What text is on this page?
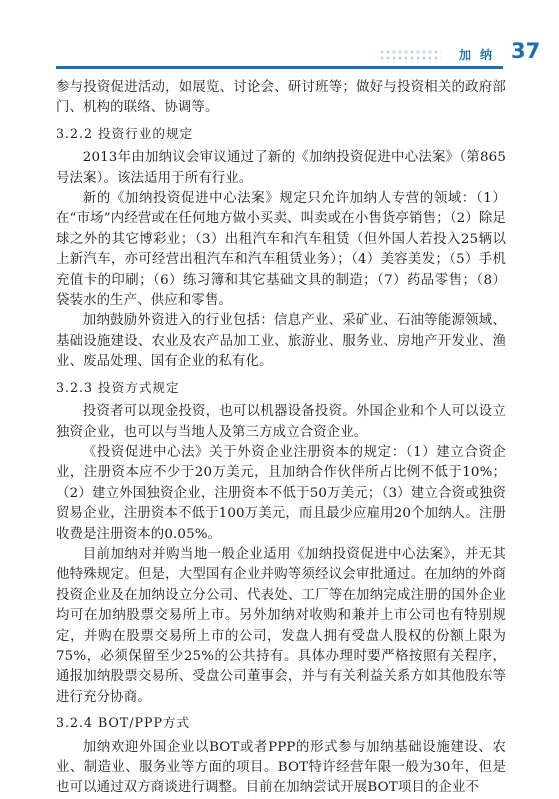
加纳 37

参与投资促进活动，如展览、讨论会、研讨班等；做好与投资相关的政府部门、机构的联络、协调等。

3.2.2 投资行业的规定

2013年由加纳议会审议通过了新的《加纳投资促进中心法案》（第865号法案）。该法适用于所有行业。

新的《加纳投资促进中心法案》规定只允许加纳人专营的领域：（1）在“市场”内经营或在任何地方做小买卖、叫卖或在小售货亭销售；（2）除足球之外的其它博彩业；（3）出租汽车和汽车租赁（但外国人若投入25辆以上新汽车，亦可经营出租汽车和汽车租赁业务）；（4）美容美发；（5）手机充值卡的印刷；（6）练习簿和其它基础文具的制造；（7）药品零售；（8）袋装水的生产、供应和零售。

加纳鼓励外资进入的行业包括：信息产业、采矿业、石油等能源领域、基础设施建设、农业及农产品加工业、旅游业、服务业、房地产开发业、渔业、废品处理、国有企业的私有化。

3.2.3 投资方式规定

投资者可以现金投资，也可以机器设备投资。外国企业和个人可以设立独资企业，也可以与当地人及第三方成立合资企业。

《投资促进中心法》关于外资企业注册资本的规定：（1）建立合资企业，注册资本应不少于20万美元，且加纳合作伙伴所占比例不低于10%；（2）建立外国独资企业，注册资本不低于50万美元；（3）建立合资或独资贸易企业，注册资本不低于100万美元，而且最少应雇用20个加纳人。注册收费是注册资本的0.05%。

目前加纳对并购当地一般企业适用《加纳投资促进中心法案》，并无其他特殊规定。但是，大型国有企业并购等须经议会审批通过。在加纳的外商投资企业及在加纳设立分公司、代表处、工厂等在加纳完成注册的国外企业均可在加纳股票交易所上市。另外加纳对收购和兼并上市公司也有特别规定，并购在股票交易所上市的公司，发盘人拥有受盘人股权的份额上限为75%，必须保留至少25%的公共持有。具体办理时要严格按照有关程序，通报加纳股票交易所、受盘公司董事会，并与有关利益关系方如其他股东等进行充分协商。

3.2.4 BOT/PPP方式

加纳欢迎外国企业以BOT或者PPP的形式参与加纳基础设施建设、农业、制造业、服务业等方面的项目。BOT特许经营年限一般为30年，但是也可以通过双方商谈进行调整。目前在加纳尝试开展BOT项目的企业不
